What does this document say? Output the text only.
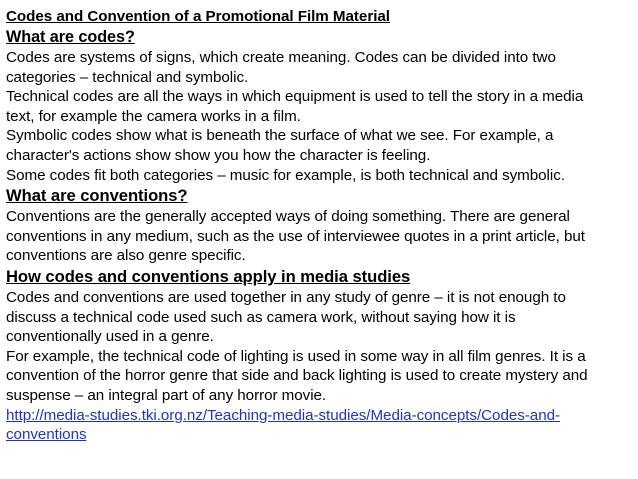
Codes and Convention of a Promotional Film Material
What are codes?
Codes are systems of signs, which create meaning. Codes can be divided into two
categories – technical and symbolic.
Technical codes are all the ways in which equipment is used to tell the story in a media
text, for example the camera works in a film.
Symbolic codes show what is beneath the surface of what we see. For example, a
character's actions show show you how the character is feeling.
Some codes fit both categories – music for example, is both technical and symbolic.
What are conventions?
Conventions are the generally accepted ways of doing something. There are general
conventions in any medium, such as the use of interviewee quotes in a print article, but
conventions are also genre specific.
How codes and conventions apply in media studies
Codes and conventions are used together in any study of genre – it is not enough to
discuss a technical code used such as camera work, without saying how it is
conventionally used in a genre.
For example, the technical code of lighting is used in some way in all film genres. It is a
convention of the horror genre that side and back lighting is used to create mystery and
suspense – an integral part of any horror movie.
http://media-studies.tki.org.nz/Teaching-media-studies/Media-concepts/Codes-and-
conventions
